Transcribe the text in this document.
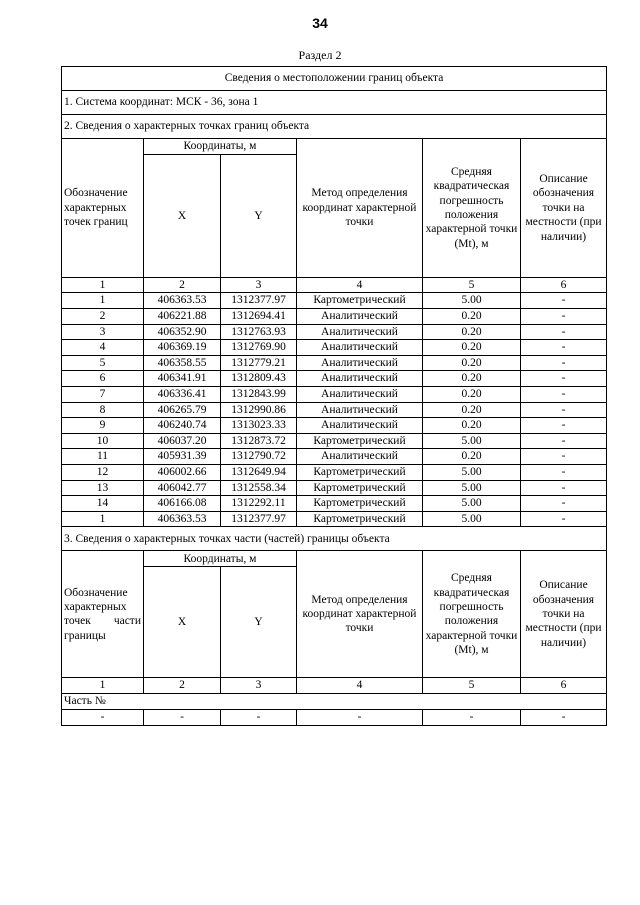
34
Раздел 2
Сведения о местоположении границ объекта					
1. Система координат: МСК - 36, зона 1					
2. Сведения о характерных точках границ объекта					
Обозначение характерных точек границ	Координаты, м		Метод определения координат характерной точки	Средняя квадратическая погрешность положения характерной точки (Mt), м	Описание обозначения точки на местности (при наличии)
	X	Y			
1	2	3	4	5	6
1	406363.53	1312377.97	Картометрический	5.00	-
2	406221.88	1312694.41	Аналитический	0.20	-
3	406352.90	1312763.93	Аналитический	0.20	-
4	406369.19	1312769.90	Аналитический	0.20	-
5	406358.55	1312779.21	Аналитический	0.20	-
6	406341.91	1312809.43	Аналитический	0.20	-
7	406336.41	1312843.99	Аналитический	0.20	-
8	406265.79	1312990.86	Аналитический	0.20	-
9	406240.74	1313023.33	Аналитический	0.20	-
10	406037.20	1312873.72	Картометрический	5.00	-
11	405931.39	1312790.72	Аналитический	0.20	-
12	406002.66	1312649.94	Картометрический	5.00	-
13	406042.77	1312558.34	Картометрический	5.00	-
14	406166.08	1312292.11	Картометрический	5.00	-
1	406363.53	1312377.97	Картометрический	5.00	-
3. Сведения о характерных точках части (частей) границы объекта					

Обозначение
характерных
точек части
границы	Координаты, м		Метод определения координат характерной точки	Средняя квадратическая погрешность положения характерной точки (Mt), м	Описание обозначения точки на местности (при наличии)
	X	Y			
1	2	3	4	5	6
Часть №					
-	-	-	-	-	-
